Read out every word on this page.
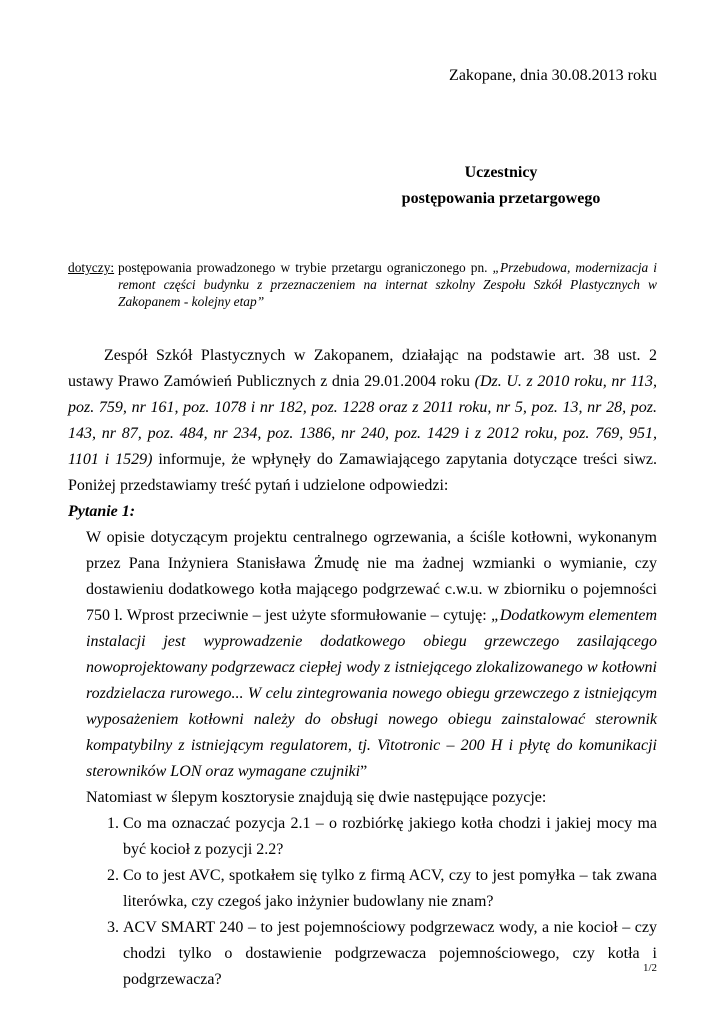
Zakopane, dnia 30.08.2013 roku
Uczestnicy
postępowania przetargowego
dotyczy: postępowania prowadzonego w trybie przetargu ograniczonego pn. „Przebudowa, modernizacja i remont części budynku z przeznaczeniem na internat szkolny Zespołu Szkół Plastycznych w Zakopanem - kolejny etap”

Zespół Szkół Plastycznych w Zakopanem, działając na podstawie art. 38 ust. 2 ustawy Prawo Zamówień Publicznych z dnia 29.01.2004 roku (Dz. U. z 2010 roku, nr 113, poz. 759, nr 161, poz. 1078 i nr 182, poz. 1228 oraz z 2011 roku, nr 5, poz. 13, nr 28, poz. 143, nr 87, poz. 484, nr 234, poz. 1386, nr 240, poz. 1429 i z 2012 roku, poz. 769, 951, 1101 i 1529) informuje, że wpłynęły do Zamawiającego zapytania dotyczące treści siwz. Poniżej przedstawiamy treść pytań i udzielone odpowiedzi:

Pytanie 1:

W opisie dotyczącym projektu centralnego ogrzewania, a ściśle kotłowni, wykonanym przez Pana Inżyniera Stanisława Żmudę nie ma żadnej wzmianki o wymianie, czy dostawieniu dodatkowego kotła mającego podgrzewać c.w.u. w zbiorniku o pojemności 750 l. Wprost przeciwnie – jest użyte sformułowanie – cytuję: „Dodatkowym elementem instalacji jest wyprowadzenie dodatkowego obiegu grzewczego zasilającego nowoprojektowany podgrzewacz ciepłej wody z istniejącego zlokalizowanego w kotłowni rozdzielacza rurowego... W celu zintegrowania nowego obiegu grzewczego z istniejącym wyposażeniem kotłowni należy do obsługi nowego obiegu zainstalować sterownik kompatybilny z istniejącym regulatorem, tj. Vitotronic – 200 H i płytę do komunikacji sterowników LON oraz wymagane czujniki”

Natomiast w ślepym kosztorysie znajdują się dwie następujące pozycje:

1. Co ma oznaczać pozycja 2.1 – o rozbiórkę jakiego kotła chodzi i jakiej mocy ma być kocioł z pozycji 2.2?
2. Co to jest AVC, spotkałem się tylko z firmą ACV, czy to jest pomyłka – tak zwana literówka, czy czegoś jako inżynier budowlany nie znam?
3. ACV SMART 240 – to jest pojemnościowy podgrzewacz wody, a nie kocioł – czy chodzi tylko o dostawienie podgrzewacza pojemnościowego, czy kotła i podgrzewacza?
1/2
